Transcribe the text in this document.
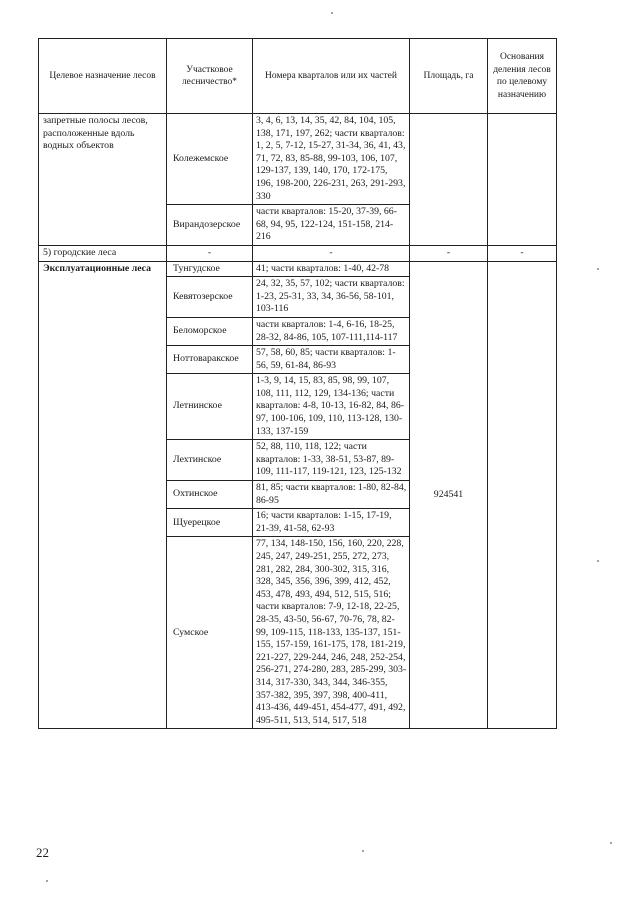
Целевое назначение лесов	Участковое лесничество*	Номера кварталов или их частей	Площадь, га	Основания деления лесов по целевому назначению
запретные полосы лесов, расположенные вдоль водных объектов	Колежемское	3, 4, 6, 13, 14, 35, 42, 84, 104, 105, 138, 171, 197, 262; части кварталов: 1, 2, 5, 7-12, 15-27, 31-34, 36, 41, 43, 71, 72, 83, 85-88, 99-103, 106, 107, 129-137, 139, 140, 170, 172-175, 196, 198-200, 226-231, 263, 291-293, 330		
	Вирандозерское	части кварталов: 15-20, 37-39, 66-68, 94, 95, 122-124, 151-158, 214-216		
5) городские леса	-	-	-	-
Эксплуатационные леса	Тунгудское	41; части кварталов: 1-40, 42-78	924541	
	Кевятозерское	24, 32, 35, 57, 102; части кварталов: 1-23, 25-31, 33, 34, 36-56, 58-101, 103-116		
	Беломорское	части кварталов: 1-4, 6-16, 18-25, 28-32, 84-86, 105, 107-111,114-117		
	Ноттоваракское	57, 58, 60, 85; части кварталов: 1-56, 59, 61-84, 86-93		
	Летнинское	1-3, 9, 14, 15, 83, 85, 98, 99, 107, 108, 111, 112, 129, 134-136; части кварталов: 4-8, 10-13, 16-82, 84, 86-97, 100-106, 109, 110, 113-128, 130-133, 137-159		
	Лехтинское	52, 88, 110, 118, 122; части кварталов: 1-33, 38-51, 53-87, 89-109, 111-117, 119-121, 123, 125-132		
	Охтинское	81, 85; части кварталов: 1-80, 82-84, 86-95		
	Щуерецкое	16; части кварталов: 1-15, 17-19, 21-39, 41-58, 62-93		
	Сумское	77, 134, 148-150, 156, 160, 220, 228, 245, 247, 249-251, 255, 272, 273, 281, 282, 284, 300-302, 315, 316, 328, 345, 356, 396, 399, 412, 452, 453, 478, 493, 494, 512, 515, 516; части кварталов: 7-9, 12-18, 22-25, 28-35, 43-50, 56-67, 70-76, 78, 82-99, 109-115, 118-133, 135-137, 151-155, 157-159, 161-175, 178, 181-219, 221-227, 229-244, 246, 248, 252-254, 256-271, 274-280, 283, 285-299, 303-314, 317-330, 343, 344, 346-355, 357-382, 395, 397, 398, 400-411, 413-436, 449-451, 454-477, 491, 492, 495-511, 513, 514, 517, 518		
22
